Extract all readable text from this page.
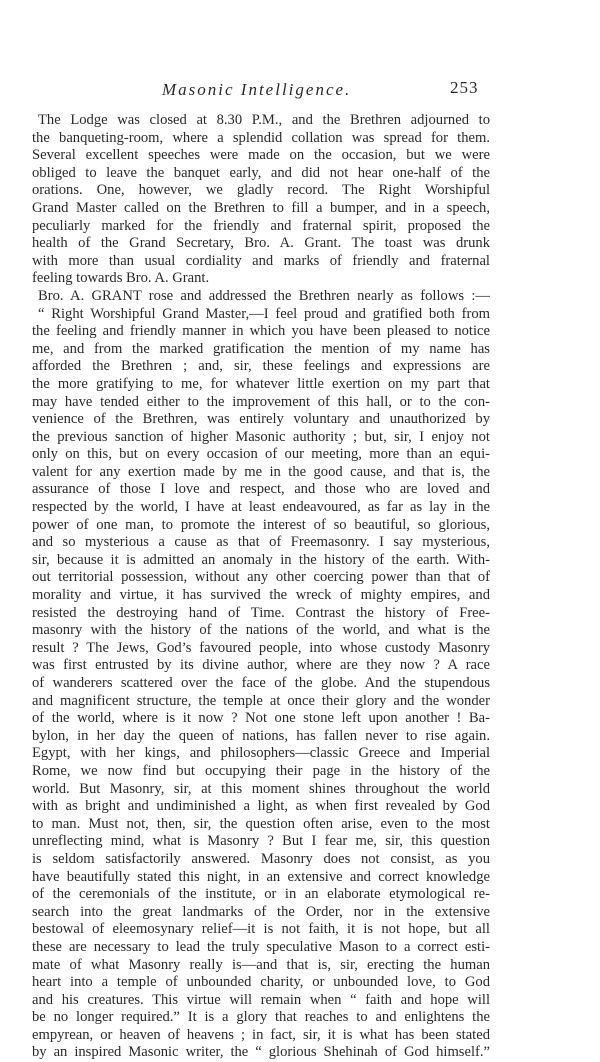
Masonic Intelligence.	253
The Lodge was closed at 8.30 P.M., and the Brethren adjourned to
the banqueting-room, where a splendid collation was spread for them.
Several excellent speeches were made on the occasion, but we were
obliged to leave the banquet early, and did not hear one-half of the
orations. One, however, we gladly record. The Right Worshipful
Grand Master called on the Brethren to fill a bumper, and in a speech,
peculiarly marked for the friendly and fraternal spirit, proposed the
health of the Grand Secretary, Bro. A. Grant. The toast was drunk
with more than usual cordiality and marks of friendly and fraternal
feeling towards Bro. A. Grant.
Bro. A. GRANT rose and addressed the Brethren nearly as follows :—
“ Right Worshipful Grand Master,—I feel proud and gratified both from
the feeling and friendly manner in which you have been pleased to notice
me, and from the marked gratification the mention of my name has
afforded the Brethren ; and, sir, these feelings and expressions are
the more gratifying to me, for whatever little exertion on my part that
may have tended either to the improvement of this hall, or to the con-
venience of the Brethren, was entirely voluntary and unauthorized by
the previous sanction of higher Masonic authority ; but, sir, I enjoy not
only on this, but on every occasion of our meeting, more than an equi-
valent for any exertion made by me in the good cause, and that is, the
assurance of those I love and respect, and those who are loved and
respected by the world, I have at least endeavoured, as far as lay in the
power of one man, to promote the interest of so beautiful, so glorious,
and so mysterious a cause as that of Freemasonry. I say mysterious,
sir, because it is admitted an anomaly in the history of the earth. With-
out territorial possession, without any other coercing power than that of
morality and virtue, it has survived the wreck of mighty empires, and
resisted the destroying hand of Time. Contrast the history of Free-
masonry with the history of the nations of the world, and what is the
result ? The Jews, God’s favoured people, into whose custody Masonry
was first entrusted by its divine author, where are they now ? A race
of wanderers scattered over the face of the globe. And the stupendous
and magnificent structure, the temple at once their glory and the wonder
of the world, where is it now ? Not one stone left upon another ! Ba-
bylon, in her day the queen of nations, has fallen never to rise again.
Egypt, with her kings, and philosophers—classic Greece and Imperial
Rome, we now find but occupying their page in the history of the
world. But Masonry, sir, at this moment shines throughout the world
with as bright and undiminished a light, as when first revealed by God
to man. Must not, then, sir, the question often arise, even to the most
unreflecting mind, what is Masonry ? But I fear me, sir, this question
is seldom satisfactorily answered. Masonry does not consist, as you
have beautifully stated this night, in an extensive and correct knowledge
of the ceremonials of the institute, or in an elaborate etymological re-
search into the great landmarks of the Order, nor in the extensive
bestowal of eleemosynary relief—it is not faith, it is not hope, but all
these are necessary to lead the truly speculative Mason to a correct esti-
mate of what Masonry really is—and that is, sir, erecting the human
heart into a temple of unbounded charity, or unbounded love, to God
and his creatures. This virtue will remain when “ faith and hope will
be no longer required.” It is a glory that reaches to and enlightens the
empyrean, or heaven of heavens ; in fact, sir, it is what has been stated
by an inspired Masonic writer, the “ glorious Shehinah of God himself.”
